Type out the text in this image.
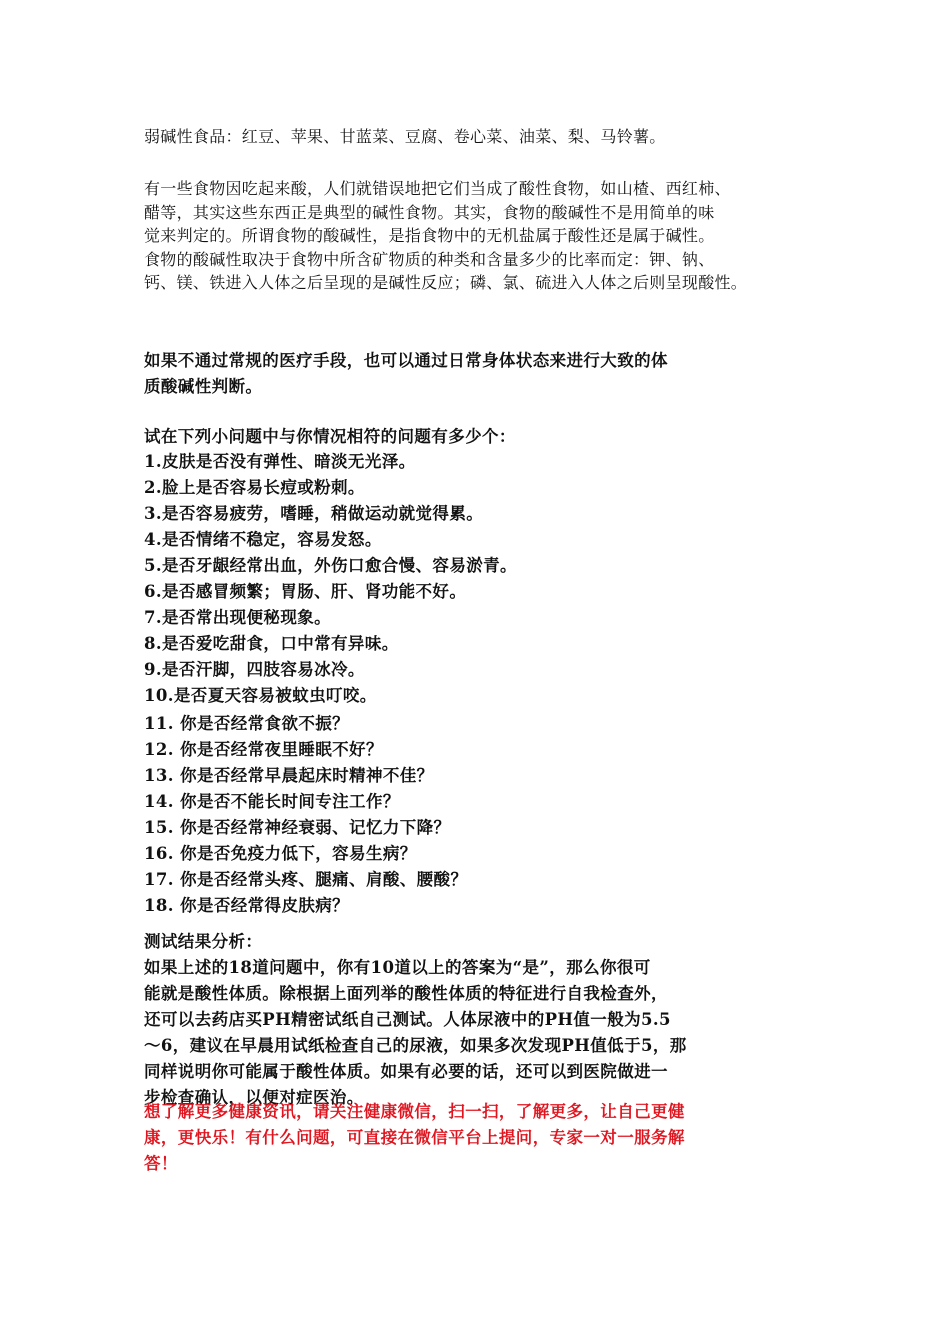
弱碱性食品：红豆、苹果、甘蓝菜、豆腐、卷心菜、油菜、梨、马铃薯。
有一些食物因吃起来酸，人们就错误地把它们当成了酸性食物，如山楂、西红柿、
醋等，其实这些东西正是典型的碱性食物。其实，食物的酸碱性不是用简单的味
觉来判定的。所谓食物的酸碱性，是指食物中的无机盐属于酸性还是属于碱性。
食物的酸碱性取决于食物中所含矿物质的种类和含量多少的比率而定：钾、钠、
钙、镁、铁进入人体之后呈现的是碱性反应；磷、氯、硫进入人体之后则呈现酸性。
如果不通过常规的医疗手段，也可以通过日常身体状态来进行大致的体
质酸碱性判断。
试在下列小问题中与你情况相符的问题有多少个：
1.皮肤是否没有弹性、暗淡无光泽。
2.脸上是否容易长痘或粉刺。
3.是否容易疲劳，嗜睡，稍做运动就觉得累。
4.是否情绪不稳定，容易发怒。
5.是否牙龈经常出血，外伤口愈合慢、容易淤青。
6.是否感冒频繁；胃肠、肝、肾功能不好。
7.是否常出现便秘现象。
8.是否爱吃甜食，口中常有异味。
9.是否汗脚，四肢容易冰冷。
10.是否夏天容易被蚊虫叮咬。
11. 你是否经常食欲不振？
12. 你是否经常夜里睡眠不好？
13. 你是否经常早晨起床时精神不佳？
14. 你是否不能长时间专注工作？
15. 你是否经常神经衰弱、记忆力下降？
16. 你是否免疫力低下，容易生病？
17. 你是否经常头疼、腿痛、肩酸、腰酸？
18. 你是否经常得皮肤病？
测试结果分析：
如果上述的18道问题中，你有10道以上的答案为“是”，那么你很可
能就是酸性体质。除根据上面列举的酸性体质的特征进行自我检查外，
还可以去药店买PH精密试纸自己测试。人体尿液中的PH值一般为5.5
～6，建议在早晨用试纸检查自己的尿液，如果多次发现PH值低于5，那
同样说明你可能属于酸性体质。如果有必要的话，还可以到医院做进一
步检查确认，以便对症医治。
想了解更多健康资讯，请关注健康微信，扫一扫，了解更多，让自己更健
康，更快乐！有什么问题，可直接在微信平台上提问，专家一对一服务解
答！
